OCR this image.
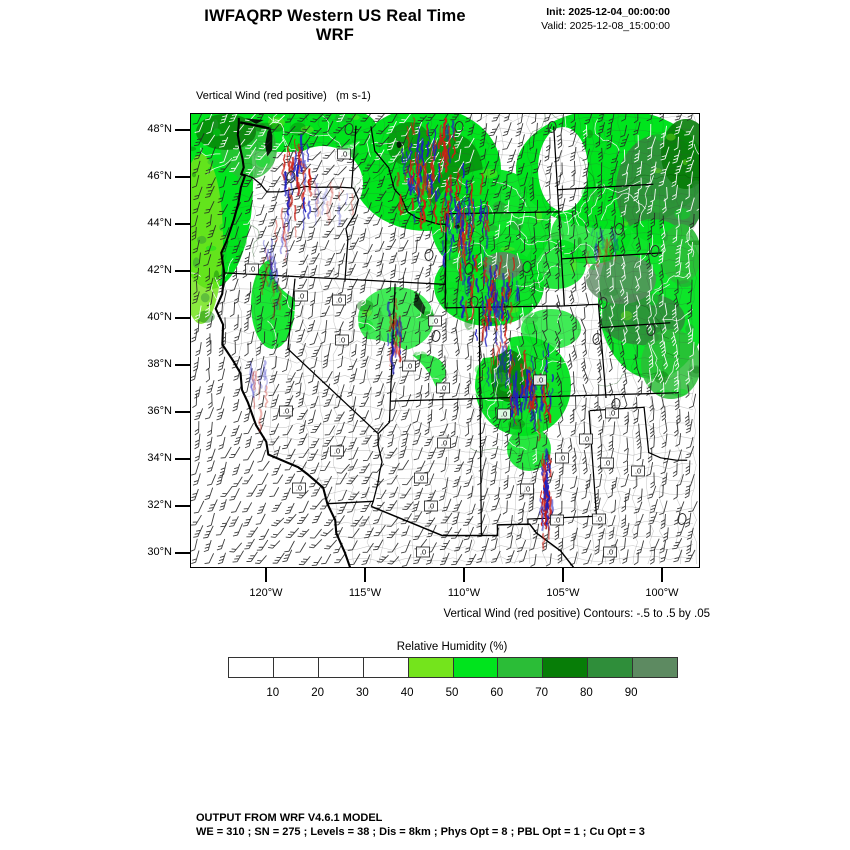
IWFAQRP Western US Real Time WRF
Init: 2025-12-04_00:00:00
Valid: 2025-12-08_15:00:00

Vertical Wind (red positive)   (m s-1)

48°N
46°N
44°N
42°N
40°N
38°N
36°N
34°N
32°N
30°N
120°W	115°W	110°W	105°W	100°W
Vertical Wind (red positive) Contours: -.5 to .5 by .05
Relative Humidity (%)
10	20	30	40	50	60	70	80	90
OUTPUT FROM WRF V4.6.1 MODEL
WE = 310 ; SN = 275 ; Levels = 38 ; Dis = 8km ; Phys Opt = 8 ; PBL Opt = 1 ; Cu Opt = 3
